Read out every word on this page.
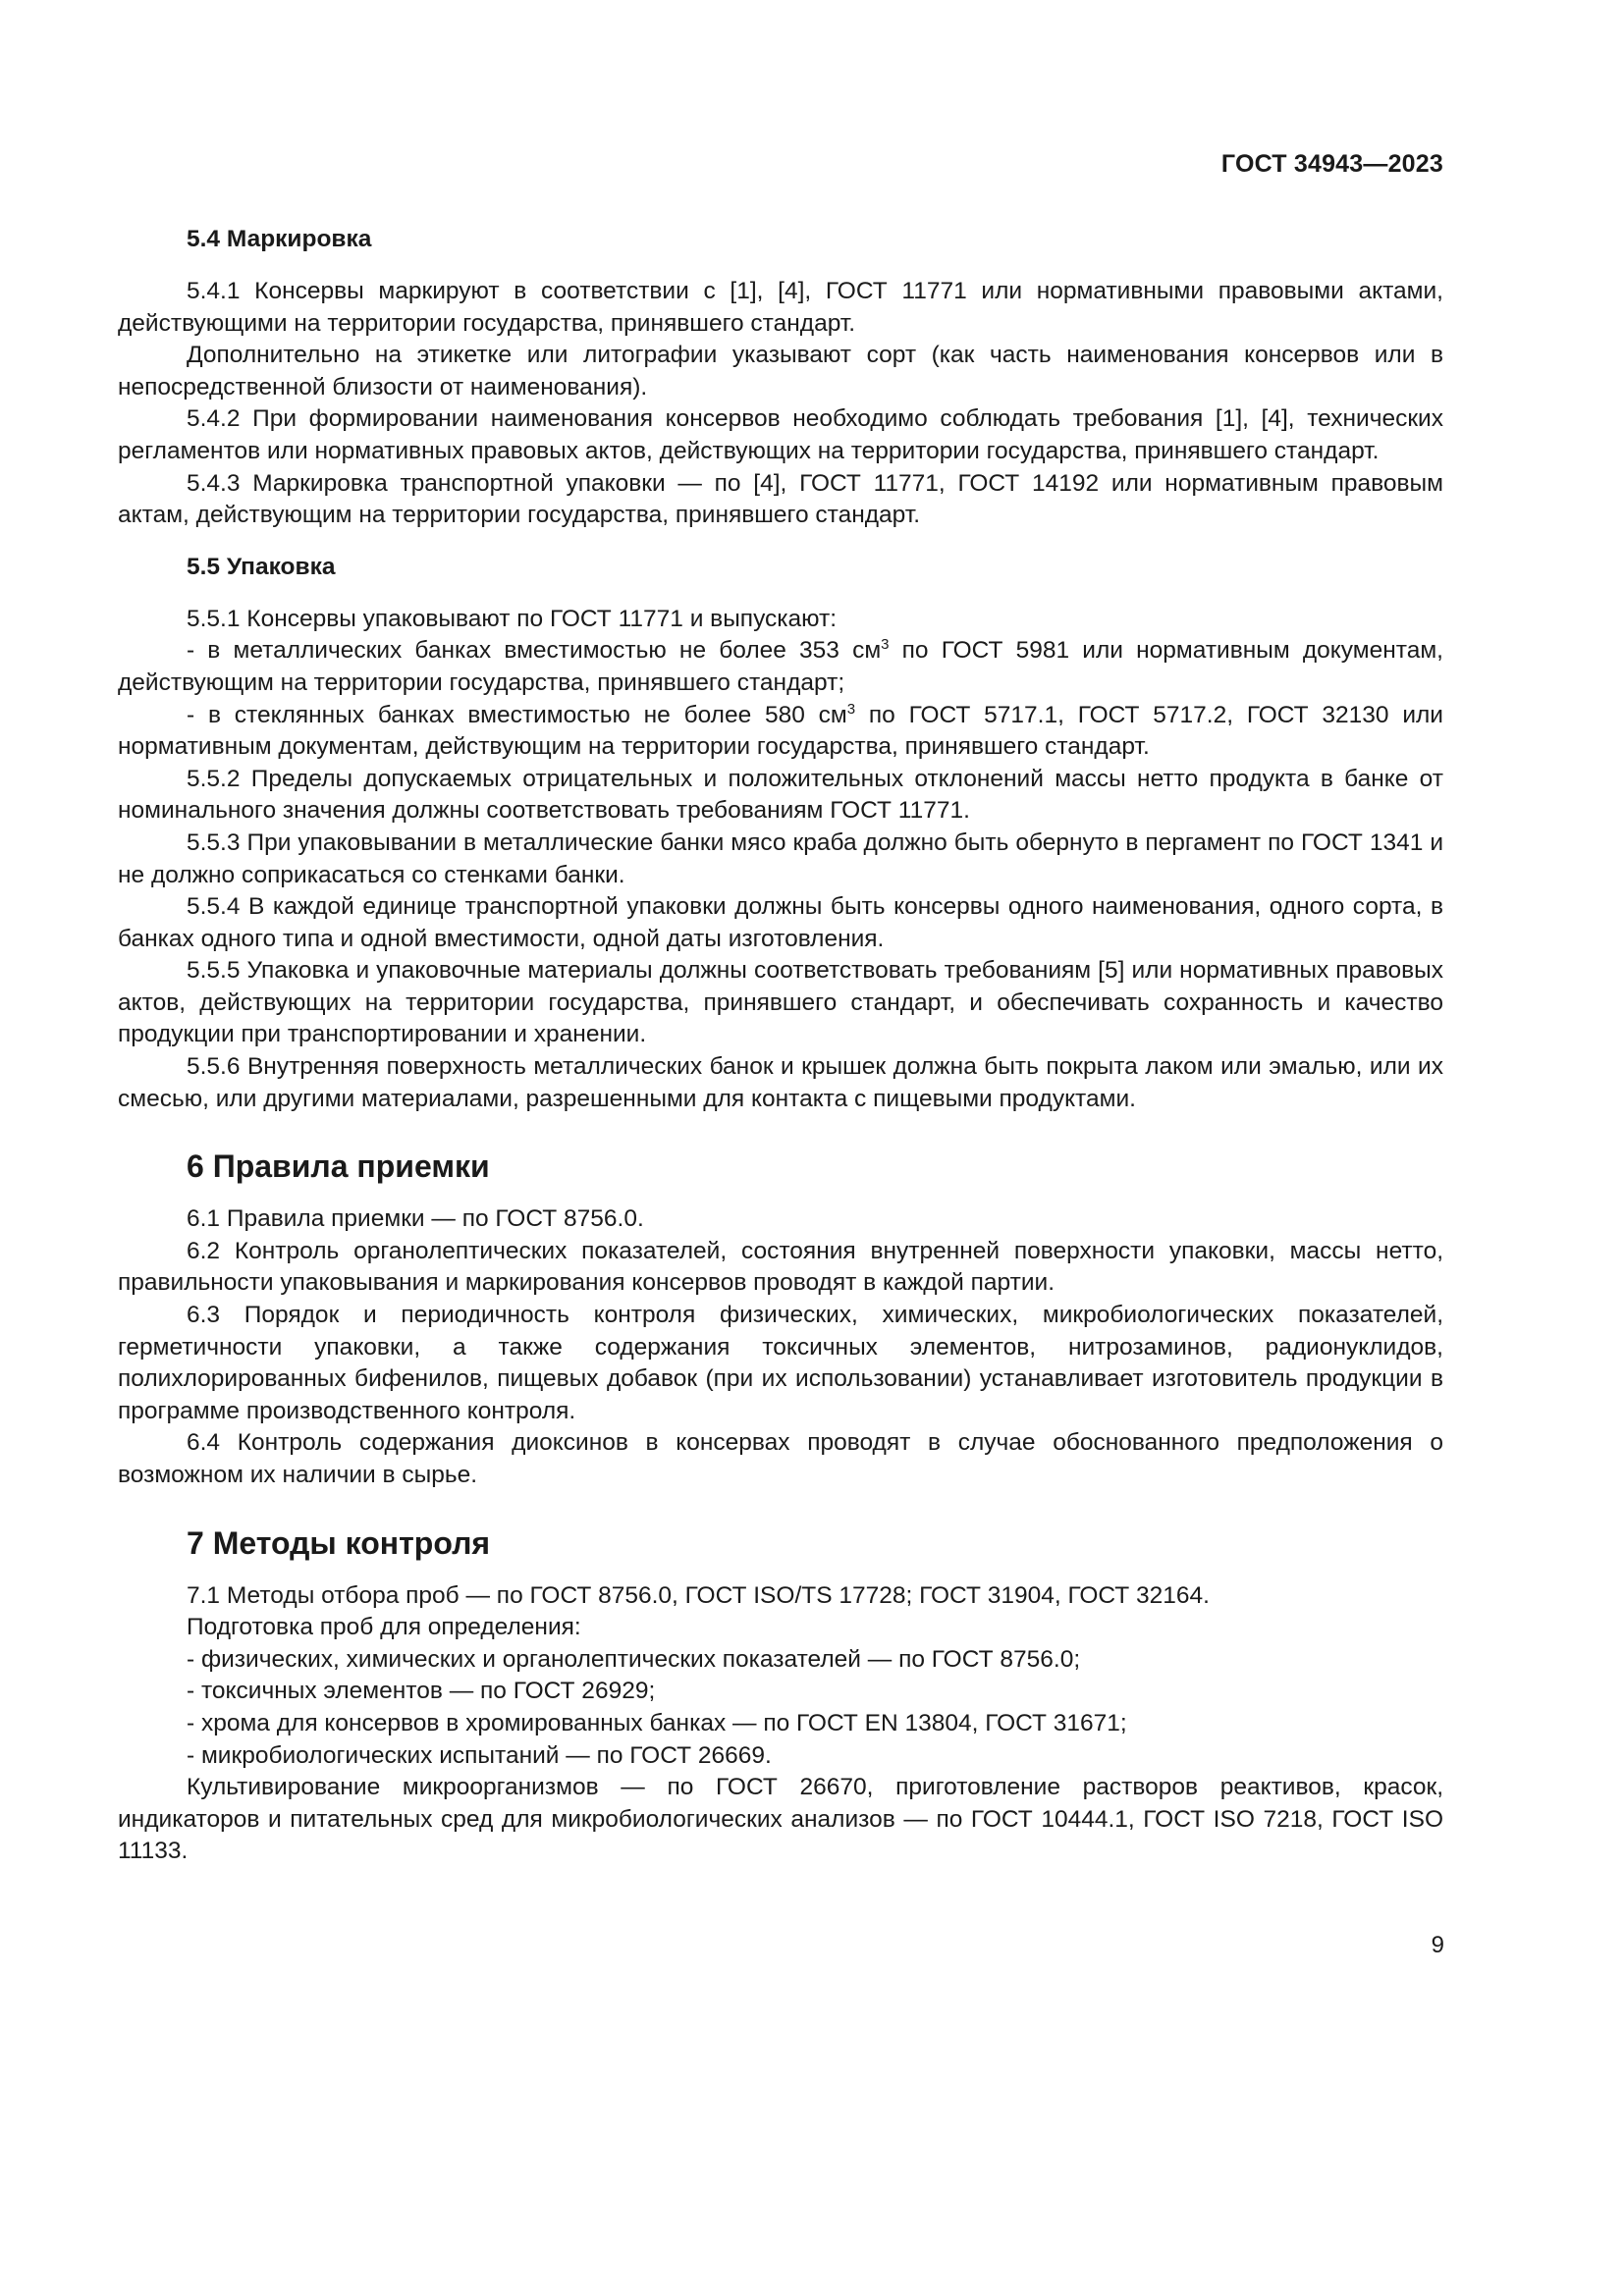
ГОСТ 34943—2023
5.4 Маркировка

5.4.1 Консервы маркируют в соответствии с [1], [4], ГОСТ 11771 или нормативными правовыми актами, действующими на территории государства, принявшего стандарт.

Дополнительно на этикетке или литографии указывают сорт (как часть наименования консервов или в непосредственной близости от наименования).

5.4.2 При формировании наименования консервов необходимо соблюдать требования [1], [4], технических регламентов или нормативных правовых актов, действующих на территории государства, принявшего стандарт.

5.4.3 Маркировка транспортной упаковки — по [4], ГОСТ 11771, ГОСТ 14192 или нормативным правовым актам, действующим на территории государства, принявшего стандарт.

5.5 Упаковка

5.5.1 Консервы упаковывают по ГОСТ 11771 и выпускают:

- в металлических банках вместимостью не более 353 $см^3$ по ГОСТ 5981 или нормативным документам, действующим на территории государства, принявшего стандарт;

- в стеклянных банках вместимостью не более 580 $см^3$ по ГОСТ 5717.1, ГОСТ 5717.2, ГОСТ 32130 или нормативным документам, действующим на территории государства, принявшего стандарт.

5.5.2 Пределы допускаемых отрицательных и положительных отклонений массы нетто продукта в банке от номинального значения должны соответствовать требованиям ГОСТ 11771.

5.5.3 При упаковывании в металлические банки мясо краба должно быть обернуто в пергамент по ГОСТ 1341 и не должно соприкасаться со стенками банки.

5.5.4 В каждой единице транспортной упаковки должны быть консервы одного наименования, одного сорта, в банках одного типа и одной вместимости, одной даты изготовления.

5.5.5 Упаковка и упаковочные материалы должны соответствовать требованиям [5] или нормативных правовых актов, действующих на территории государства, принявшего стандарт, и обеспечивать сохранность и качество продукции при транспортировании и хранении.

5.5.6 Внутренняя поверхность металлических банок и крышек должна быть покрыта лаком или эмалью, или их смесью, или другими материалами, разрешенными для контакта с пищевыми продуктами.

6 Правила приемки

6.1 Правила приемки — по ГОСТ 8756.0.

6.2 Контроль органолептических показателей, состояния внутренней поверхности упаковки, массы нетто, правильности упаковывания и маркирования консервов проводят в каждой партии.

6.3 Порядок и периодичность контроля физических, химических, микробиологических показателей, герметичности упаковки, а также содержания токсичных элементов, нитрозаминов, радионуклидов, полихлорированных бифенилов, пищевых добавок (при их использовании) устанавливает изготовитель продукции в программе производственного контроля.

6.4 Контроль содержания диоксинов в консервах проводят в случае обоснованного предположения о возможном их наличии в сырье.

7 Методы контроля

7.1 Методы отбора проб — по ГОСТ 8756.0, ГОСТ ISO/TS 17728; ГОСТ 31904, ГОСТ 32164.

Подготовка проб для определения:

- физических, химических и органолептических показателей — по ГОСТ 8756.0;

- токсичных элементов — по ГОСТ 26929;

- хрома для консервов в хромированных банках — по ГОСТ EN 13804, ГОСТ 31671;

- микробиологических испытаний — по ГОСТ 26669.

Культивирование микроорганизмов — по ГОСТ 26670, приготовление растворов реактивов, красок, индикаторов и питательных сред для микробиологических анализов — по ГОСТ 10444.1, ГОСТ ISO 7218, ГОСТ ISO 11133.

9
